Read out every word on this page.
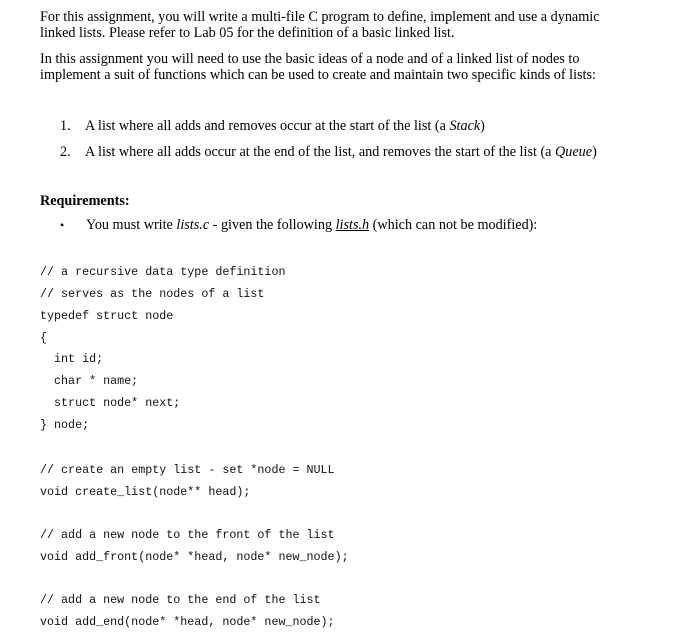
For this assignment, you will write a multi-file C program to define, implement and use a dynamic
linked lists. Please refer to Lab 05 for the definition of a basic linked list.
In this assignment you will need to use the basic ideas of a node and of a linked list of nodes to
implement a suit of functions which can be used to create and maintain two specific kinds of lists:
1. A list where all adds and removes occur at the start of the list (a Stack)
2. A list where all adds occur at the end of the list, and removes the start of the list (a Queue)
Requirements:
• You must write lists.c - given the following lists.h (which can not be modified):
// a recursive data type definition
// serves as the nodes of a list
typedef struct node
{
int id;
char * name;
struct node* next;
} node;
// create an empty list - set *node = NULL
void create_list(node** head);
// add a new node to the front of the list
void add_front(node* *head, node* new_node);
// add a new node to the end of the list
void add_end(node* *head, node* new_node);
